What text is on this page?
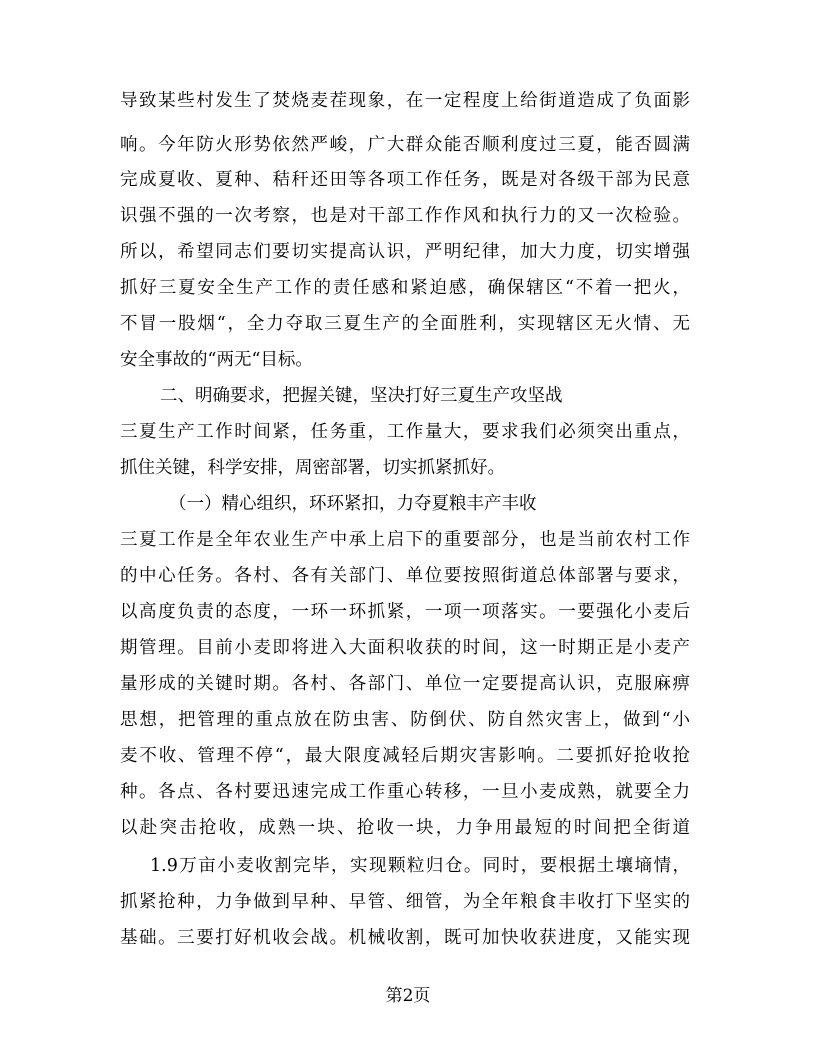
导致某些村发生了焚烧麦茬现象，在一定程度上给街道造成了负面影
响。今年防火形势依然严峻，广大群众能否顺利度过三夏，能否圆满
完成夏收、夏种、秸秆还田等各项工作任务，既是对各级干部为民意
识强不强的一次考察，也是对干部工作作风和执行力的又一次检验。
所以，希望同志们要切实提高认识，严明纪律，加大力度，切实增强
抓好三夏安全生产工作的责任感和紧迫感，确保辖区“不着一把火，
不冒一股烟“，全力夺取三夏生产的全面胜利，实现辖区无火情、无
安全事故的“两无“目标。
二、明确要求，把握关键，坚决打好三夏生产攻坚战
三夏生产工作时间紧，任务重，工作量大，要求我们必须突出重点，
抓住关键，科学安排，周密部署，切实抓紧抓好。
（一）精心组织，环环紧扣，力夺夏粮丰产丰收
三夏工作是全年农业生产中承上启下的重要部分，也是当前农村工作
的中心任务。各村、各有关部门、单位要按照街道总体部署与要求，
以高度负责的态度，一环一环抓紧，一项一项落实。一要强化小麦后
期管理。目前小麦即将进入大面积收获的时间，这一时期正是小麦产
量形成的关键时期。各村、各部门、单位一定要提高认识，克服麻痹
思想，把管理的重点放在防虫害、防倒伏、防自然灾害上，做到“小
麦不收、管理不停“，最大限度减轻后期灾害影响。二要抓好抢收抢
种。各点、各村要迅速完成工作重心转移，一旦小麦成熟，就要全力
以赴突击抢收，成熟一块、抢收一块，力争用最短的时间把全街道
1.9万亩小麦收割完毕，实现颗粒归仓。同时，要根据土壤墒情，
抓紧抢种，力争做到早种、早管、细管，为全年粮食丰收打下坚实的
基础。三要打好机收会战。机械收割，既可加快收获进度，又能实现
第2页
